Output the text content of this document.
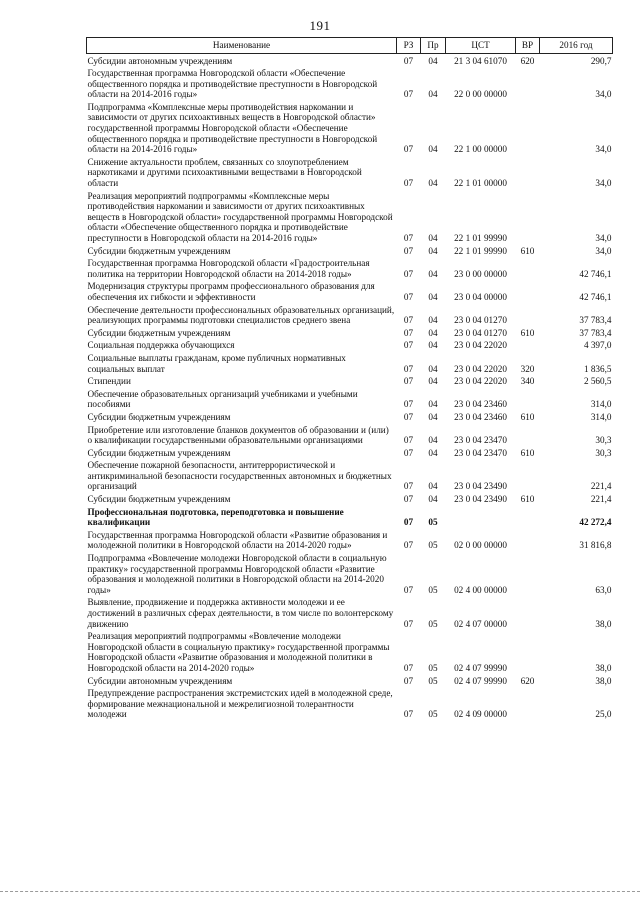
191
Наименование	РЗ	Пр	ЦСТ	ВР	2016 год
Субсидии автономным учреждениям	07	04	21 3 04 61070	620	290,7
Государственная программа Новгородской области «Обеспечение общественного порядка и противодействие преступности в Новгородской области на 2014-2016 годы»	07	04	22 0 00 00000		34,0
Подпрограмма «Комплексные меры противодействия наркомании и зависимости от других психоактивных веществ в Новгородской области» государственной программы Новгородской области «Обеспечение общественного порядка и противодействие преступности в Новгородской области на 2014-2016 годы»	07	04	22 1 00 00000		34,0
Снижение актуальности проблем, связанных со злоупотреблением наркотиками и другими психоактивными веществами в Новгородской области	07	04	22 1 01 00000		34,0
Реализация мероприятий подпрограммы «Комплексные меры противодействия наркомании и зависимости от других психоактивных веществ в Новгородской области» государственной программы Новгородской области «Обеспечение общественного порядка и противодействие преступности в Новгородской области на 2014-2016 годы»	07	04	22 1 01 99990		34,0
Субсидии бюджетным учреждениям	07	04	22 1 01 99990	610	34,0
Государственная программа Новгородской области «Градостроительная политика на территории Новгородской области на 2014-2018 годы»	07	04	23 0 00 00000		42 746,1
Модернизация структуры программ профессионального образования для обеспечения их гибкости и эффективности	07	04	23 0 04 00000		42 746,1
Обеспечение деятельности профессиональных образовательных организаций, реализующих программы подготовки специалистов среднего звена	07	04	23 0 04 01270		37 783,4
Субсидии бюджетным учреждениям	07	04	23 0 04 01270	610	37 783,4
Социальная поддержка обучающихся	07	04	23 0 04 22020		4 397,0
Социальные выплаты гражданам, кроме публичных нормативных социальных выплат	07	04	23 0 04 22020	320	1 836,5
Стипендии	07	04	23 0 04 22020	340	2 560,5
Обеспечение образовательных организаций учебниками и учебными пособиями	07	04	23 0 04 23460		314,0
Субсидии бюджетным учреждениям	07	04	23 0 04 23460	610	314,0
Приобретение или изготовление бланков документов об образовании и (или) о квалификации государственными образовательными организациями	07	04	23 0 04 23470		30,3
Субсидии бюджетным учреждениям	07	04	23 0 04 23470	610	30,3
Обеспечение пожарной безопасности, антитеррористической и антикриминальной безопасности государственных автономных и бюджетных организаций	07	04	23 0 04 23490		221,4
Субсидии бюджетным учреждениям	07	04	23 0 04 23490	610	221,4
Профессиональная подготовка, переподготовка и повышение квалификации	07	05			42 272,4
Государственная программа Новгородской области «Развитие образования и молодежной политики в Новгородской области на 2014-2020 годы»	07	05	02 0 00 00000		31 816,8
Подпрограмма «Вовлечение молодежи Новгородской области в социальную практику» государственной программы Новгородской области «Развитие образования и молодежной политики в Новгородской области на 2014-2020 годы»	07	05	02 4 00 00000		63,0
Выявление, продвижение и поддержка активности молодежи и ее достижений в различных сферах деятельности, в том числе по волонтерскому движению	07	05	02 4 07 00000		38,0
Реализация мероприятий подпрограммы «Вовлечение молодежи Новгородской области в социальную практику» государственной программы Новгородской области «Развитие образования и молодежной политики в Новгородской области на 2014-2020 годы»	07	05	02 4 07 99990		38,0
Субсидии автономным учреждениям	07	05	02 4 07 99990	620	38,0
Предупреждение распространения экстремистских идей в молодежной среде, формирование межнациональной и межрелигиозной толерантности молодежи	07	05	02 4 09 00000		25,0
